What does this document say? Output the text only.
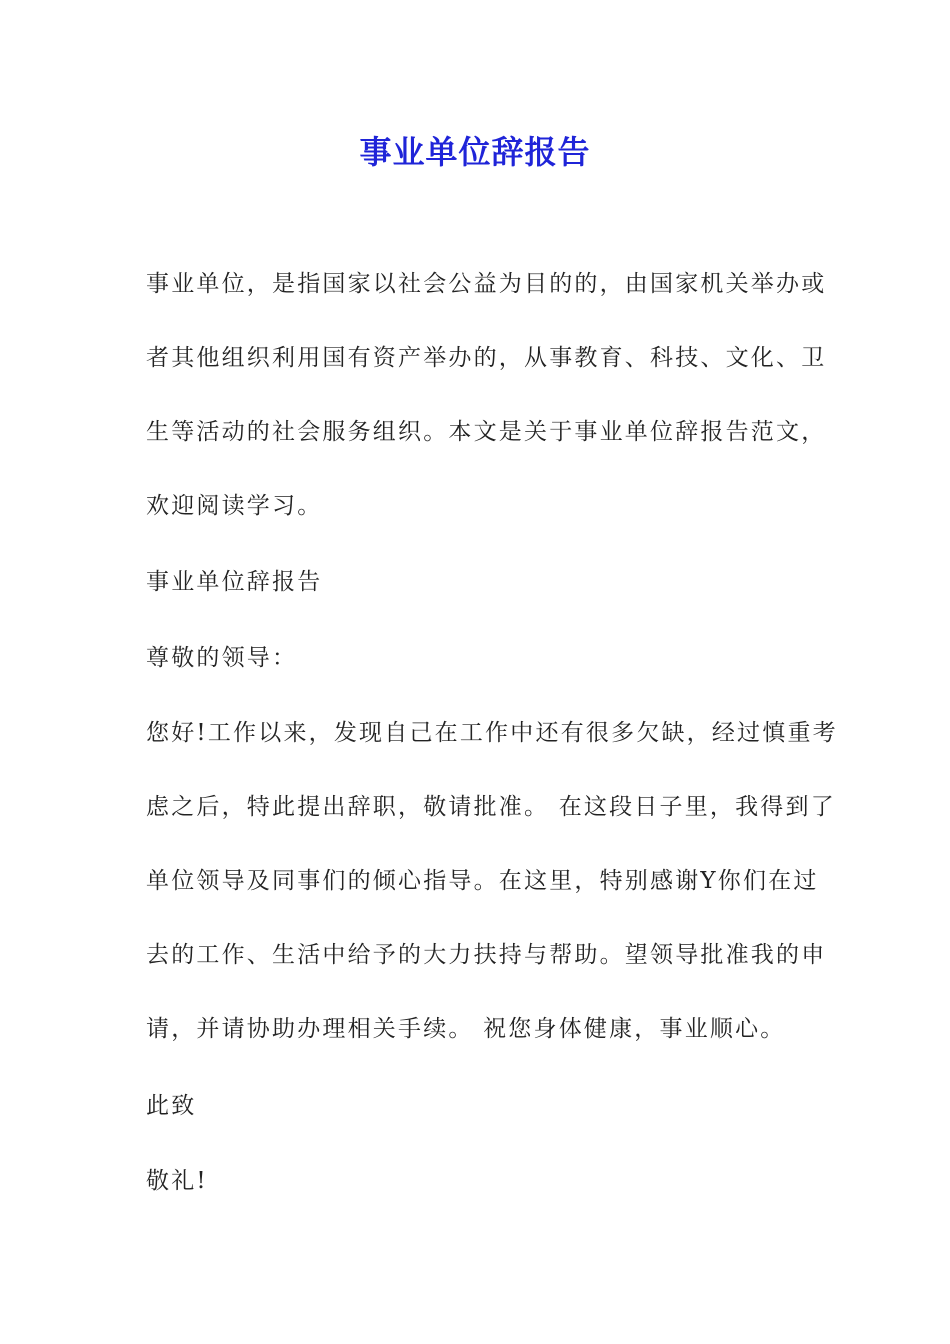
事业单位辞报告
事业单位，是指国家以社会公益为目的的，由国家机关举办或
者其他组织利用国有资产举办的，从事教育、科技、文化、卫
生等活动的社会服务组织。本文是关于事业单位辞报告范文，
欢迎阅读学习。
事业单位辞报告
尊敬的领导：
您好!工作以来，发现自己在工作中还有很多欠缺，经过慎重考
虑之后，特此提出辞职，敬请批准。 在这段日子里，我得到了
单位领导及同事们的倾心指导。在这里，特别感谢Y你们在过
去的工作、生活中给予的大力扶持与帮助。望领导批准我的申
请，并请协助办理相关手续。 祝您身体健康，事业顺心。
此致
敬礼!
